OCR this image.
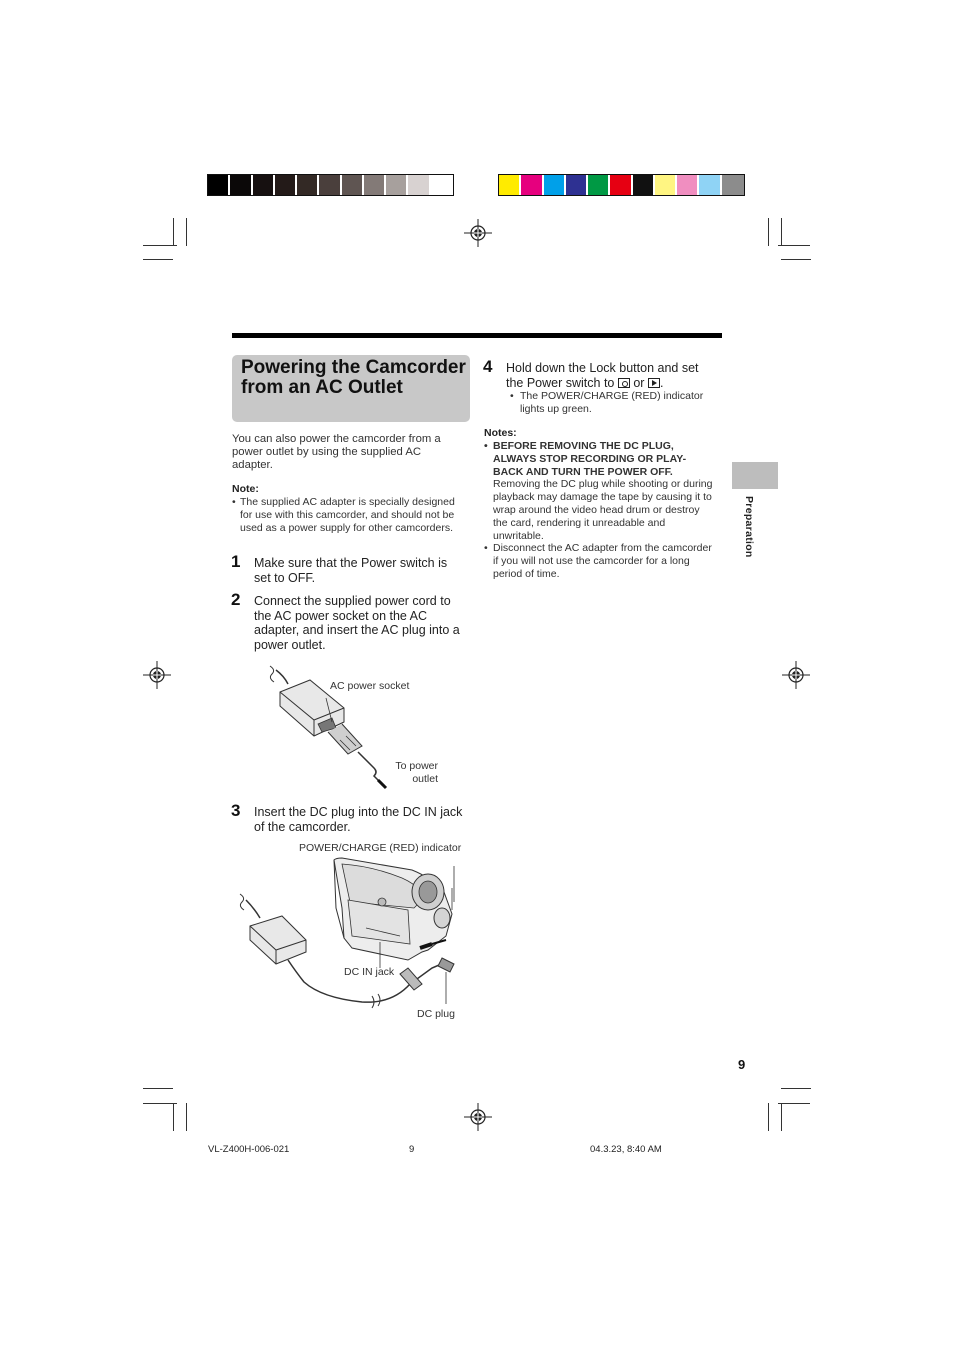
Powering the Camcorder from an AC Outlet
You can also power the camcorder from a power outlet by using the supplied AC adapter.
Note:
• The supplied AC adapter is specially designed for use with this camcorder, and should not be used as a power supply for other camcorders.
1 Make sure that the Power switch is set to OFF.
2 Connect the supplied power cord to the AC power socket on the AC adapter, and insert the AC plug into a power outlet.
AC power socket
To power outlet
3 Insert the DC plug into the DC IN jack of the camcorder.
POWER/CHARGE (RED) indicator
DC IN jack
DC plug
4 Hold down the Lock button and set the Power switch to or .
• The POWER/CHARGE (RED) indicator lights up green.
Notes:
• BEFORE REMOVING THE DC PLUG, ALWAYS STOP RECORDING OR PLAY-BACK AND TURN THE POWER OFF.
Removing the DC plug while shooting or during playback may damage the tape by causing it to wrap around the video head drum or destroy the card, rendering it unreadable and unwritable.
• Disconnect the AC adapter from the camcorder if you will not use the camcorder for a long period of time.
Preparation
9
VL-Z400H-006-021	9	04.3.23, 8:40 AM
